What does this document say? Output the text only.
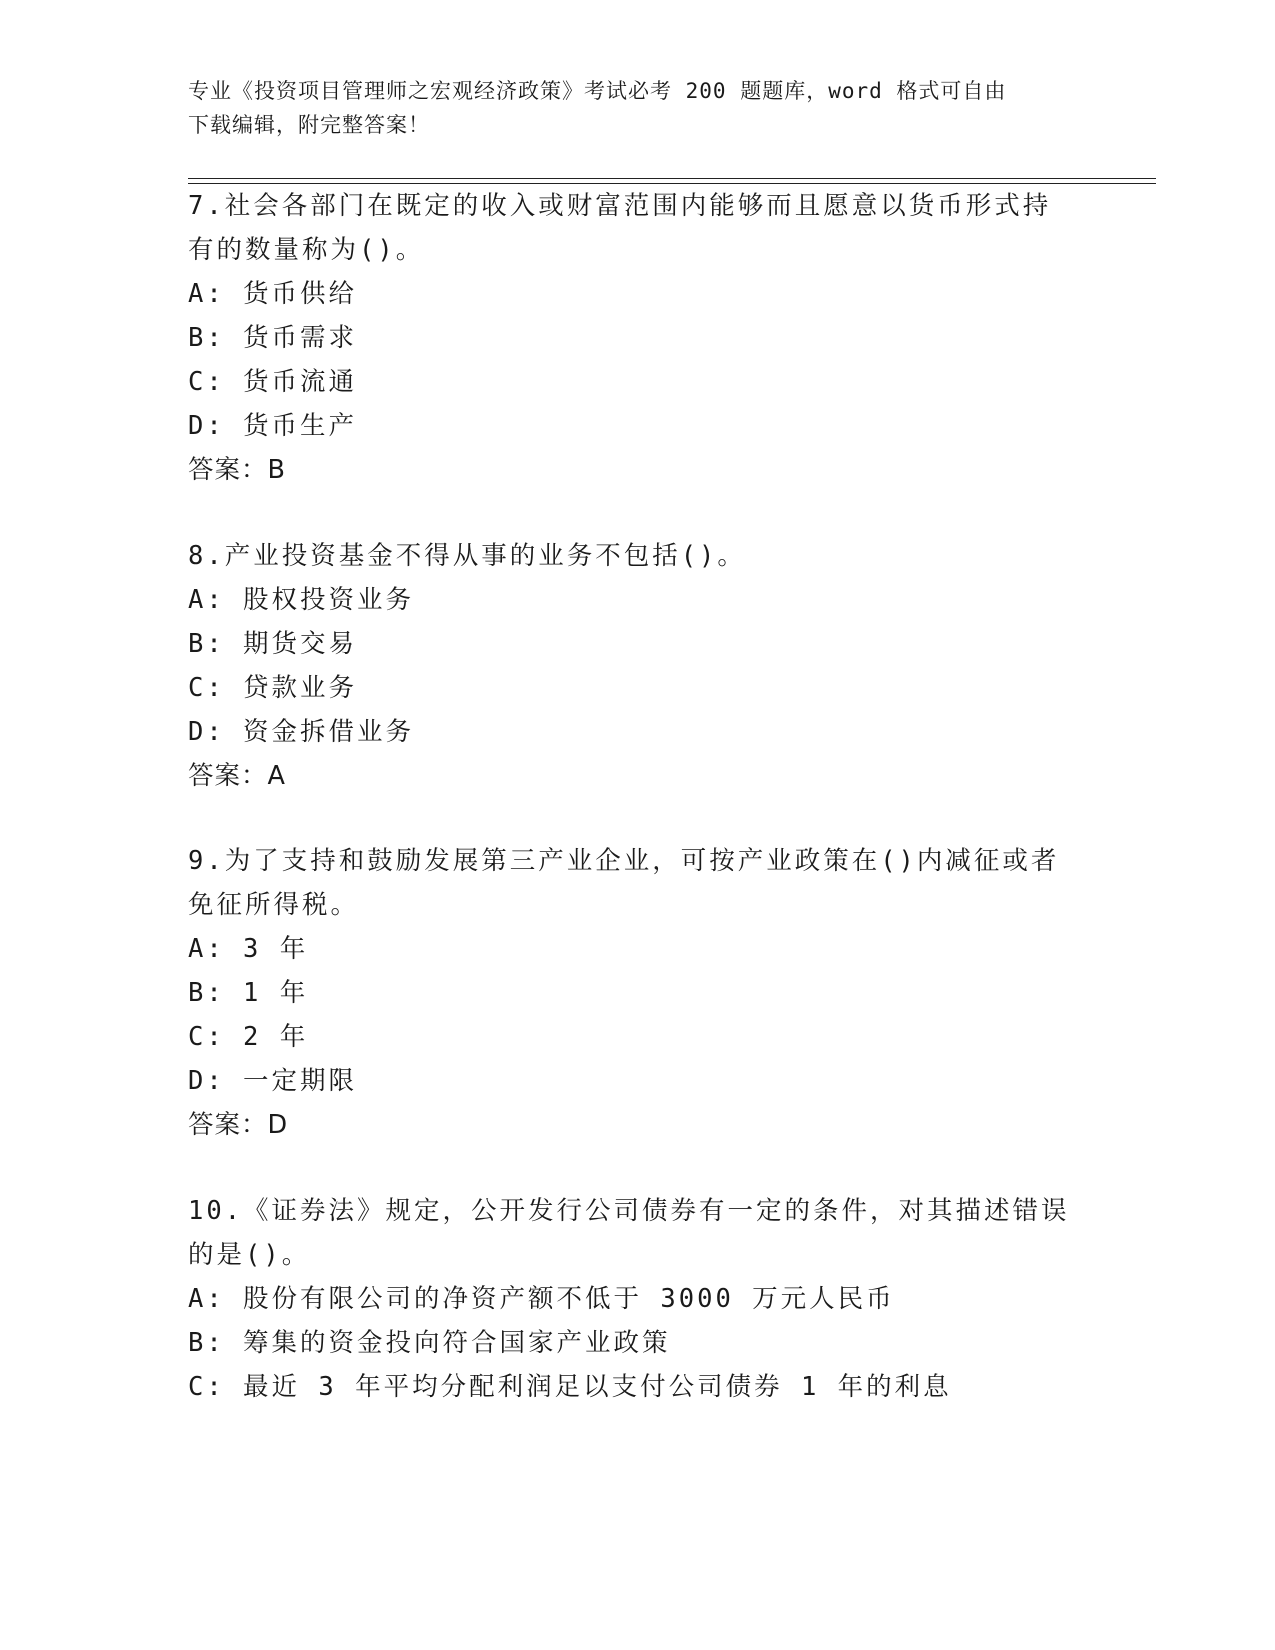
专业《投资项目管理师之宏观经济政策》考试必考 200 题题库，word 格式可自由
下载编辑，附完整答案！
7.社会各部门在既定的收入或财富范围内能够而且愿意以货币形式持
有的数量称为()。
A: 货币供给
B: 货币需求
C: 货币流通
D: 货币生产
答案：B
8.产业投资基金不得从事的业务不包括()。
A: 股权投资业务
B: 期货交易
C: 贷款业务
D: 资金拆借业务
答案：A
9.为了支持和鼓励发展第三产业企业，可按产业政策在()内减征或者
免征所得税。
A: 3 年
B: 1 年
C: 2 年
D: 一定期限
答案：D
10.《证券法》规定，公开发行公司债券有一定的条件，对其描述错误
的是()。
A: 股份有限公司的净资产额不低于 3000 万元人民币
B: 筹集的资金投向符合国家产业政策
C: 最近 3 年平均分配利润足以支付公司债券 1 年的利息
